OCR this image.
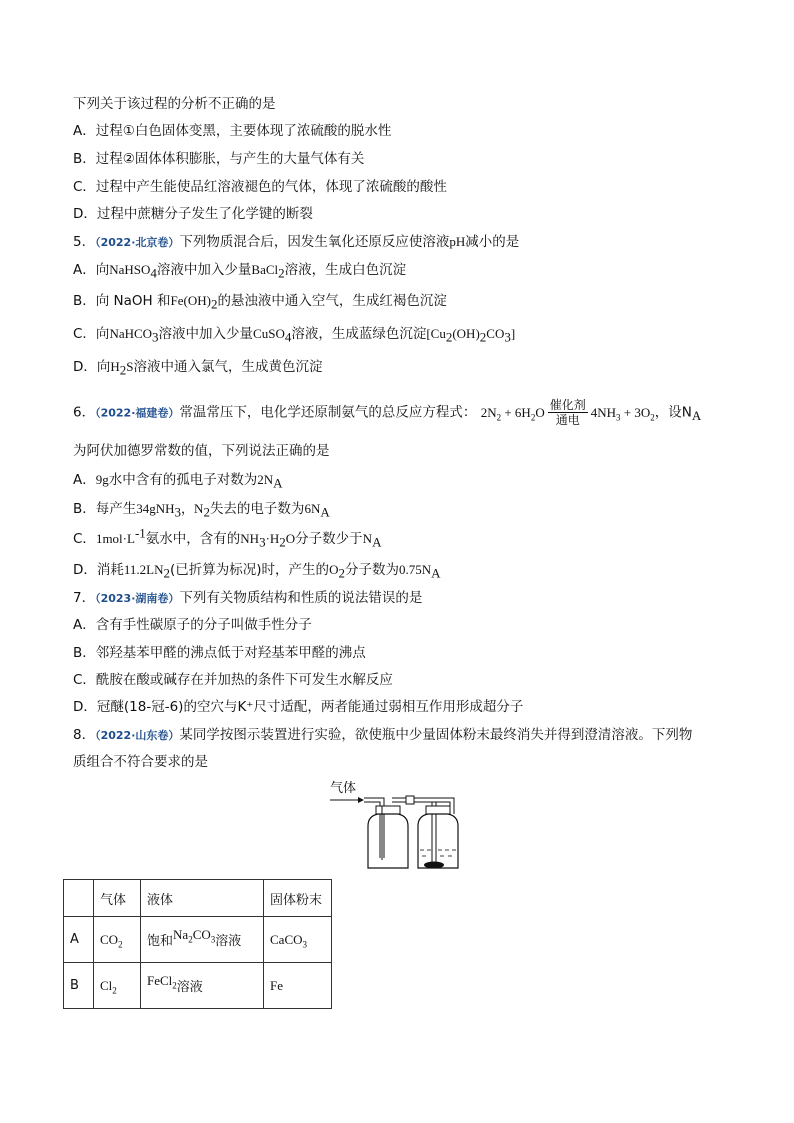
下列关于该过程的分析不正确的是
A．过程①白色固体变黑，主要体现了浓硫酸的脱水性
B．过程②固体体积膨胀，与产生的大量气体有关
C．过程中产生能使品红溶液褪色的气体，体现了浓硫酸的酸性
D．过程中蔗糖分子发生了化学键的断裂
5．（2022·北京卷）下列物质混合后，因发生氧化还原反应使溶液pH减小的是
A．向NaHSO$_4$溶液中加入少量BaCl$_2$溶液，生成白色沉淀
B．向 NaOH 和$Fe(OH)_2$的悬浊液中通入空气，生成红褐色沉淀
C．向NaHCO$_3$溶液中加入少量CuSO$_4$溶液，生成蓝绿色沉淀$[Cu_2(OH)_2CO_3]$
D．向$H_2S$溶液中通入氯气，生成黄色沉淀
6．（2022·福建卷）常温常压下，电化学还原制氨气的总反应方程式： $2N_2 + 6H_2O \frac{\text{催化剂}}{\text{通电}} 4NH_3 + 3O_2$，设$N_A$
为阿伏加德罗常数的值，下列说法正确的是
A．9g水中含有的孤电子对数为$2N_A$
B．每产生34gNH$_3$，$N_2$失去的电子数为$6N_A$
C．$1mol\cdot L^{-1}$氨水中，含有的$NH_3\cdot H_2O$分子数少于$N_A$
D．消耗$11.2LN_2$(已折算为标况)时，产生的$O_2$分子数为$0.75N_A$
7．（2023·湖南卷）下列有关物质结构和性质的说法错误的是
A．含有手性碳原子的分子叫做手性分子
B．邻羟基苯甲醛的沸点低于对羟基苯甲醛的沸点
C．酰胺在酸或碱存在并加热的条件下可发生水解反应
D．冠醚(18-冠-6)的空穴与K⁺尺寸适配，两者能通过弱相互作用形成超分子
8．（2022·山东卷）某同学按图示装置进行实验，欲使瓶中少量固体粉末最终消失并得到澄清溶液。下列物
质组合不符合要求的是
气体
	气体	液体	固体粉末
A	$CO_2$	饱和$Na_2CO_3$溶液	CaCO$_3$
B	$Cl_2$	FeCl$_2$溶液	Fe
